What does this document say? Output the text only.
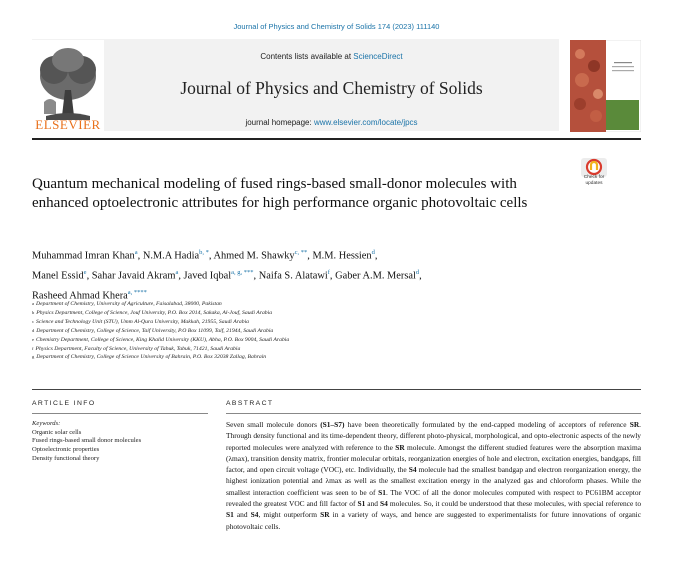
Journal of Physics and Chemistry of Solids 174 (2023) 111140
ELSEVIER
Contents lists available at ScienceDirect
Journal of Physics and Chemistry of Solids
journal homepage: www.elsevier.com/locate/jpcs
Check for
updates
Quantum mechanical modeling of fused rings-based small-donor molecules with enhanced optoelectronic attributes for high performance organic photovoltaic cells
Muhammad Imran Khan$^a$, N.M.A Hadia$^{b, *}$, Ahmed M. Shawky$^{c, **}$, M.M. Hessien$^d$,
Manel Essid$^e$, Sahar Javaid Akram$^a$, Javed Iqbal$^{a, g, ***}$, Naifa S. Alatawi$^f$, Gaber A.M. Mersal$^d$,
Rasheed Ahmad Khera$^{a, ****}$
$^a$ Department of Chemistry, University of Agriculture, Faisalabad, 38000, Pakistan
$^b$ Physics Department, College of Science, Jouf University, P.O. Box 2014, Sakaka, Al-Jouf, Saudi Arabia
$^c$ Science and Technology Unit (STU), Umm Al-Qura University, Makkah, 21955, Saudi Arabia
$^d$ Department of Chemistry, College of Science, Taif University, P.O Box 11099, Taif, 21944, Saudi Arabia
$^e$ Chemistry Department, College of Science, King Khalid University (KKU), Abha, P.O. Box 9004, Saudi Arabia
$^f$ Physics Department, Faculty of Science, University of Tabuk, Tabuk, 71421, Saudi Arabia
$^g$ Department of Chemistry, College of Science University of Bahrain, P.O. Box 32038 Zallag, Bahrain
ARTICLE INFO
Keywords:
Organic solar cells
Fused rings-based small donor molecules
Optoelectronic properties
Density functional theory
ABSTRACT
Seven small molecule donors (S1–S7) have been theoretically formulated by the end-capped modeling of acceptors of reference SR. Through density functional and its time-dependent theory, different photo-physical, morphological, and opto-electronic aspects of the newly reported molecules were analyzed with reference to the SR molecule. Amongst the different studied features were the absorption maxima (λmax), transition density matrix, frontier molecular orbitals, reorganization energies of hole and electron, excitation energies, bandgaps, fill factor, and open circuit voltage (VOC), etc. Individually, the S4 molecule had the smallest bandgap and electron reorganization energy, the highest ionization potential and λmax as well as the smallest excitation energy in the analyzed gas and chloroform phases. While the smallest interaction coefficient was seen to be of S1. The VOC of all the donor molecules computed with respect to PC61BM acceptor revealed the greatest VOC and fill factor of S1 and S4 molecules. So, it could be understood that these molecules, with special reference to S1 and S4, might outperform SR in a variety of ways, and hence are suggested to experimentalists for future innovations of organic photovoltaic cells.
